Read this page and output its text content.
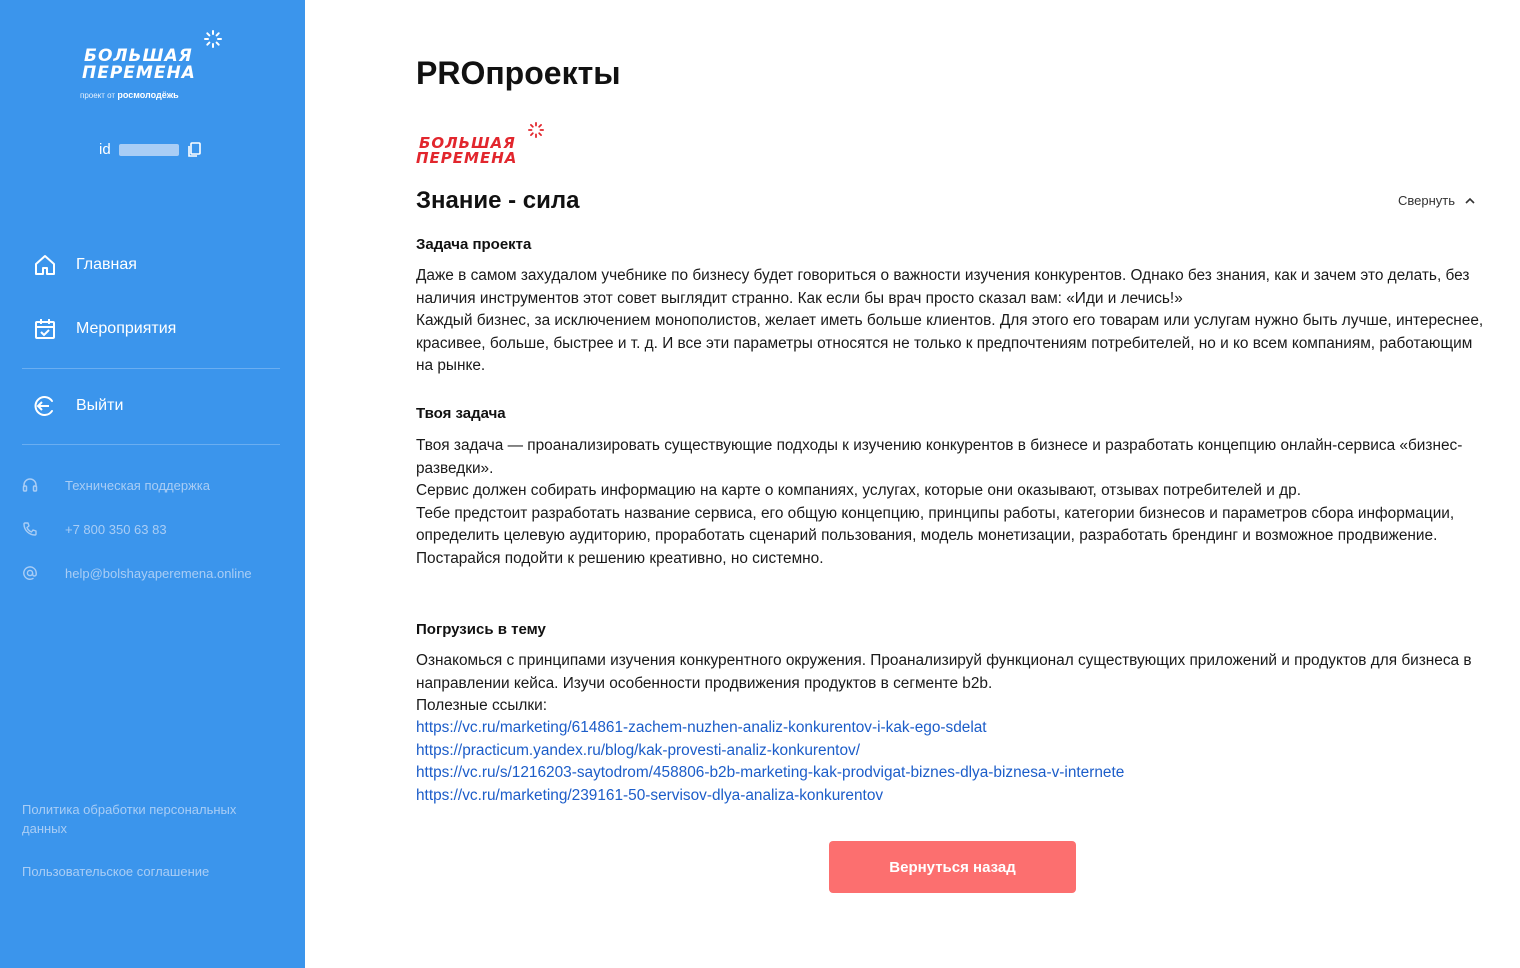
БОЛЬШАЯ
ПЕРЕМЕНА
проект от росмолодёжь
id
Главная
Мероприятия
Выйти
Техническая поддержка
+7 800 350 63 83
help@bolshayaperemena.online
Политика обработки персональных данных
Пользовательское соглашение
PROпроекты
БОЛЬШАЯ
ПЕРЕМЕНА
Знание - сила	Свернуть
Задача проекта

Даже в самом захудалом учебнике по бизнесу будет говориться о важности изучения конкурентов. Однако без знания, как и зачем это делать, без наличия инструментов этот совет выглядит странно. Как если бы врач просто сказал вам: «Иди и лечись!»

Каждый бизнес, за исключением монополистов, желает иметь больше клиентов. Для этого его товарам или услугам нужно быть лучше, интереснее, красивее, больше, быстрее и т. д. И все эти параметры относятся не только к предпочтениям потребителей, но и ко всем компаниям, работающим на рынке.

Твоя задача

Твоя задача — проанализировать существующие подходы к изучению конкурентов в бизнесе и разработать концепцию онлайн-сервиса «бизнес-разведки».

Сервис должен собирать информацию на карте о компаниях, услугах, которые они оказывают, отзывах потребителей и др.

Тебе предстоит разработать название сервиса, его общую концепцию, принципы работы, категории бизнесов и параметров сбора информации, определить целевую аудиторию, проработать сценарий пользования, модель монетизации, разработать брендинг и возможное продвижение.

Постарайся подойти к решению креативно, но системно.

Погрузись в тему

Ознакомься с принципами изучения конкурентного окружения. Проанализируй функционал существующих приложений и продуктов для бизнеса в направлении кейса. Изучи особенности продвижения продуктов в сегменте b2b.

Полезные ссылки:

https://vc.ru/marketing/614861-zachem-nuzhen-analiz-konkurentov-i-kak-ego-sdelat
https://practicum.yandex.ru/blog/kak-provesti-analiz-konkurentov/
https://vc.ru/s/1216203-saytodrom/458806-b2b-marketing-kak-prodvigat-biznes-dlya-biznesa-v-internete
https://vc.ru/marketing/239161-50-servisov-dlya-analiza-konkurentov
Вернуться назад
